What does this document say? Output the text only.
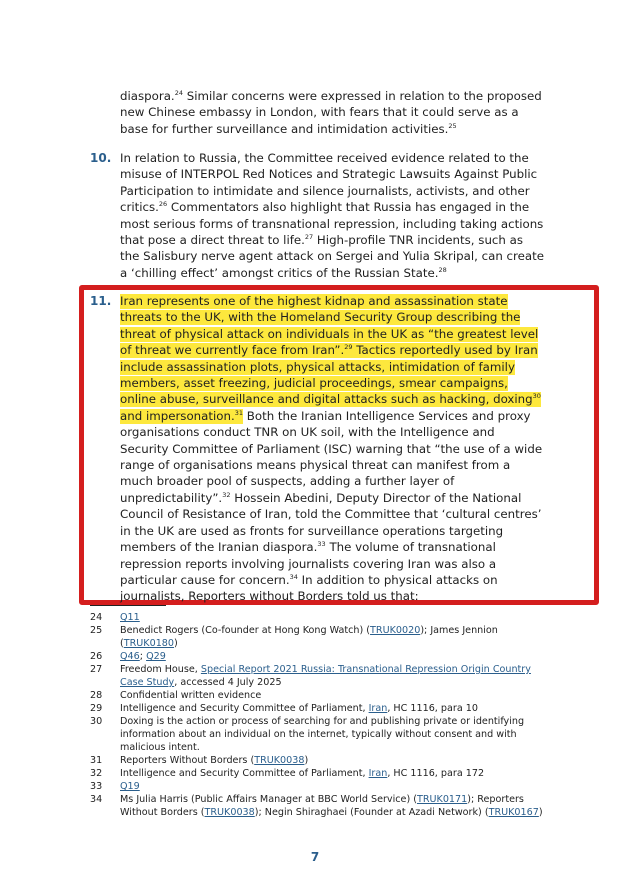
diaspora.$^{24}$ Similar concerns were expressed in relation to the proposed new Chinese embassy in London, with fears that it could serve as a base for further surveillance and intimidation activities.$^{25}$

10. In relation to Russia, the Committee received evidence related to the misuse of INTERPOL Red Notices and Strategic Lawsuits Against Public Participation to intimidate and silence journalists, activists, and other critics.$^{26}$ Commentators also highlight that Russia has engaged in the most serious forms of transnational repression, including taking actions that pose a direct threat to life.$^{27}$ High-profile TNR incidents, such as the Salisbury nerve agent attack on Sergei and Yulia Skripal, can create a ‘chilling effect’ amongst critics of the Russian State.$^{28}$

11. Iran represents one of the highest kidnap and assassination state threats to the UK, with the Homeland Security Group describing the threat of physical attack on individuals in the UK as “the greatest level of threat we currently face from Iran”.$^{29}$ Tactics reportedly used by Iran include assassination plots, physical attacks, intimidation of family members, asset freezing, judicial proceedings, smear campaigns, online abuse, surveillance and digital attacks such as hacking, doxing$^{30}$ and impersonation.$^{31}$ Both the Iranian Intelligence Services and proxy organisations conduct TNR on UK soil, with the Intelligence and Security Committee of Parliament (ISC) warning that “the use of a wide range of organisations means physical threat can manifest from a much broader pool of suspects, adding a further layer of unpredictability”.$^{32}$ Hossein Abedini, Deputy Director of the National Council of Resistance of Iran, told the Committee that ‘cultural centres’ in the UK are used as fronts for surveillance operations targeting members of the Iranian diaspora.$^{33}$ The volume of transnational repression reports involving journalists covering Iran was also a particular cause for concern.$^{34}$ In addition to physical attacks on journalists, Reporters without Borders told us that:

24	Q11
25	Benedict Rogers (Co-founder at Hong Kong Watch) (TRUK0020); James Jennion (TRUK0180)
26	Q46; Q29
27	Freedom House, Special Report 2021 Russia: Transnational Repression Origin Country Case Study, accessed 4 July 2025
28	Confidential written evidence
29	Intelligence and Security Committee of Parliament, Iran, HC 1116, para 10
30	Doxing is the action or process of searching for and publishing private or identifying information about an individual on the internet, typically without consent and with malicious intent.
31	Reporters Without Borders (TRUK0038)
32	Intelligence and Security Committee of Parliament, Iran, HC 1116, para 172
33	Q19
34	Ms Julia Harris (Public Affairs Manager at BBC World Service) (TRUK0171); Reporters Without Borders (TRUK0038); Negin Shiraghaei (Founder at Azadi Network) (TRUK0167)
7
